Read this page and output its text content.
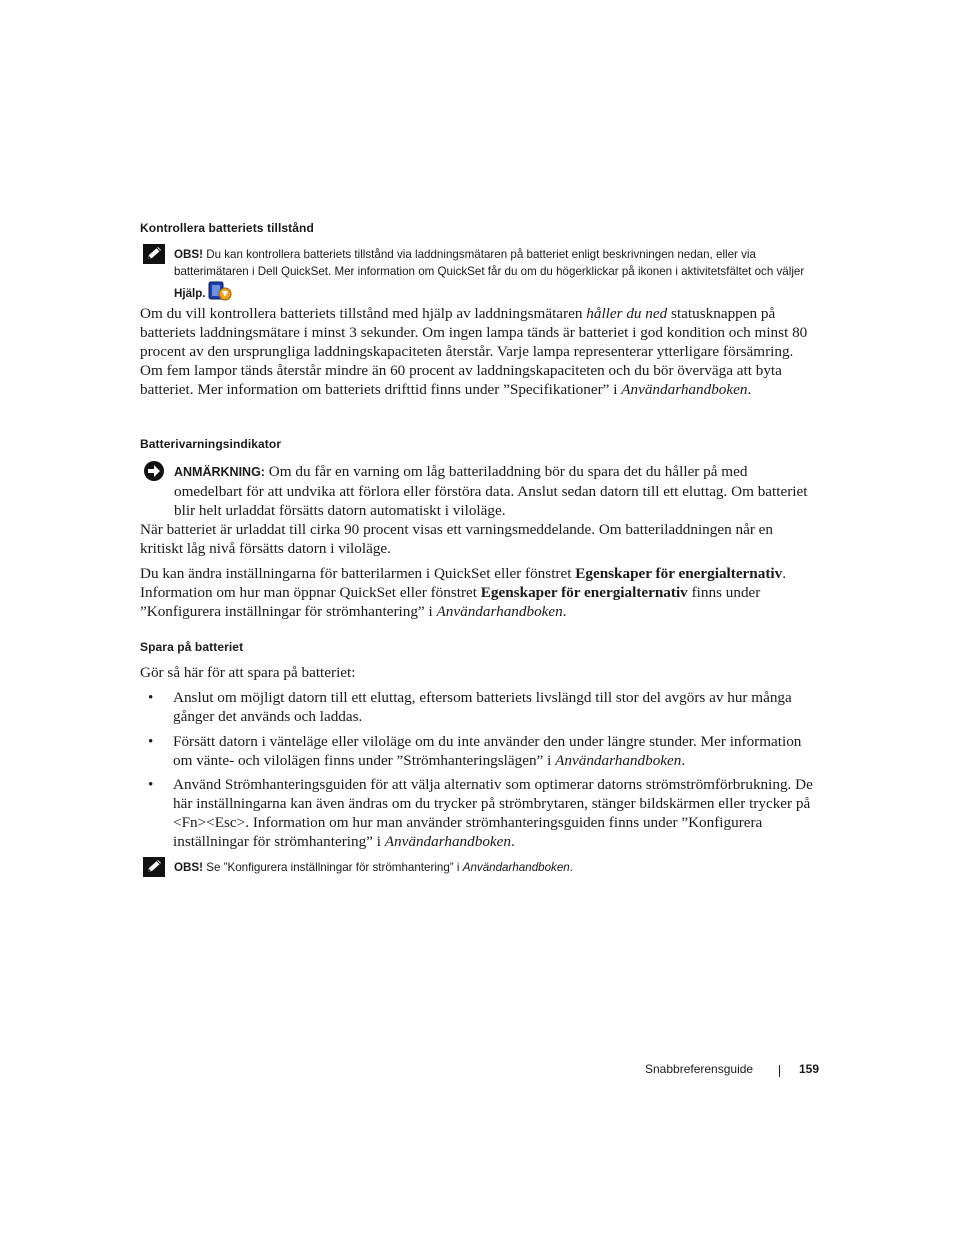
Kontrollera batteriets tillstånd
OBS! Du kan kontrollera batteriets tillstånd via laddningsmätaren på batteriet enligt beskrivningen nedan, eller via batterimätaren i Dell QuickSet. Mer information om QuickSet får du om du högerklickar på ikonen i aktivitetsfältet och väljer Hjälp.

Om du vill kontrollera batteriets tillstånd med hjälp av laddningsmätaren håller du ned statusknappen på batteriets laddningsmätare i minst 3 sekunder. Om ingen lampa tänds är batteriet i god kondition och minst 80 procent av den ursprungliga laddningskapaciteten återstår. Varje lampa representerar ytterligare försämring. Om fem lampor tänds återstår mindre än 60 procent av laddningskapaciteten och du bör överväga att byta batteriet. Mer information om batteriets drifttid finns under ”Specifikationer” i Användarhandboken.

Batterivarningsindikator
ANMÄRKNING: Om du får en varning om låg batteriladdning bör du spara det du håller på med omedelbart för att undvika att förlora eller förstöra data. Anslut sedan datorn till ett eluttag. Om batteriet blir helt urladdat försätts datorn automatiskt i viloläge.

När batteriet är urladdat till cirka 90 procent visas ett varningsmeddelande. Om batteriladdningen når en kritiskt låg nivå försätts datorn i viloläge.

Du kan ändra inställningarna för batterilarmen i QuickSet eller fönstret Egenskaper för energialternativ. Information om hur man öppnar QuickSet eller fönstret Egenskaper för energialternativ finns under ”Konfigurera inställningar för strömhantering” i Användarhandboken.

Spara på batteriet

Gör så här för att spara på batteriet:

• Anslut om möjligt datorn till ett eluttag, eftersom batteriets livslängd till stor del avgörs av hur många gånger det används och laddas.
• Försätt datorn i vänteläge eller viloläge om du inte använder den under längre stunder. Mer information om vänte- och vilolägen finns under ”Strömhanteringslägen” i Användarhandboken.
• Använd Strömhanteringsguiden för att välja alternativ som optimerar datorns strömströmförbrukning. De här inställningarna kan även ändras om du trycker på strömbrytaren, stänger bildskärmen eller trycker på <Fn><Esc>. Information om hur man använder strömhanteringsguiden finns under ”Konfigurera inställningar för strömhantering” i Användarhandboken.
OBS! Se ”Konfigurera inställningar för strömhantering” i Användarhandboken.
Snabbreferensguide	159
